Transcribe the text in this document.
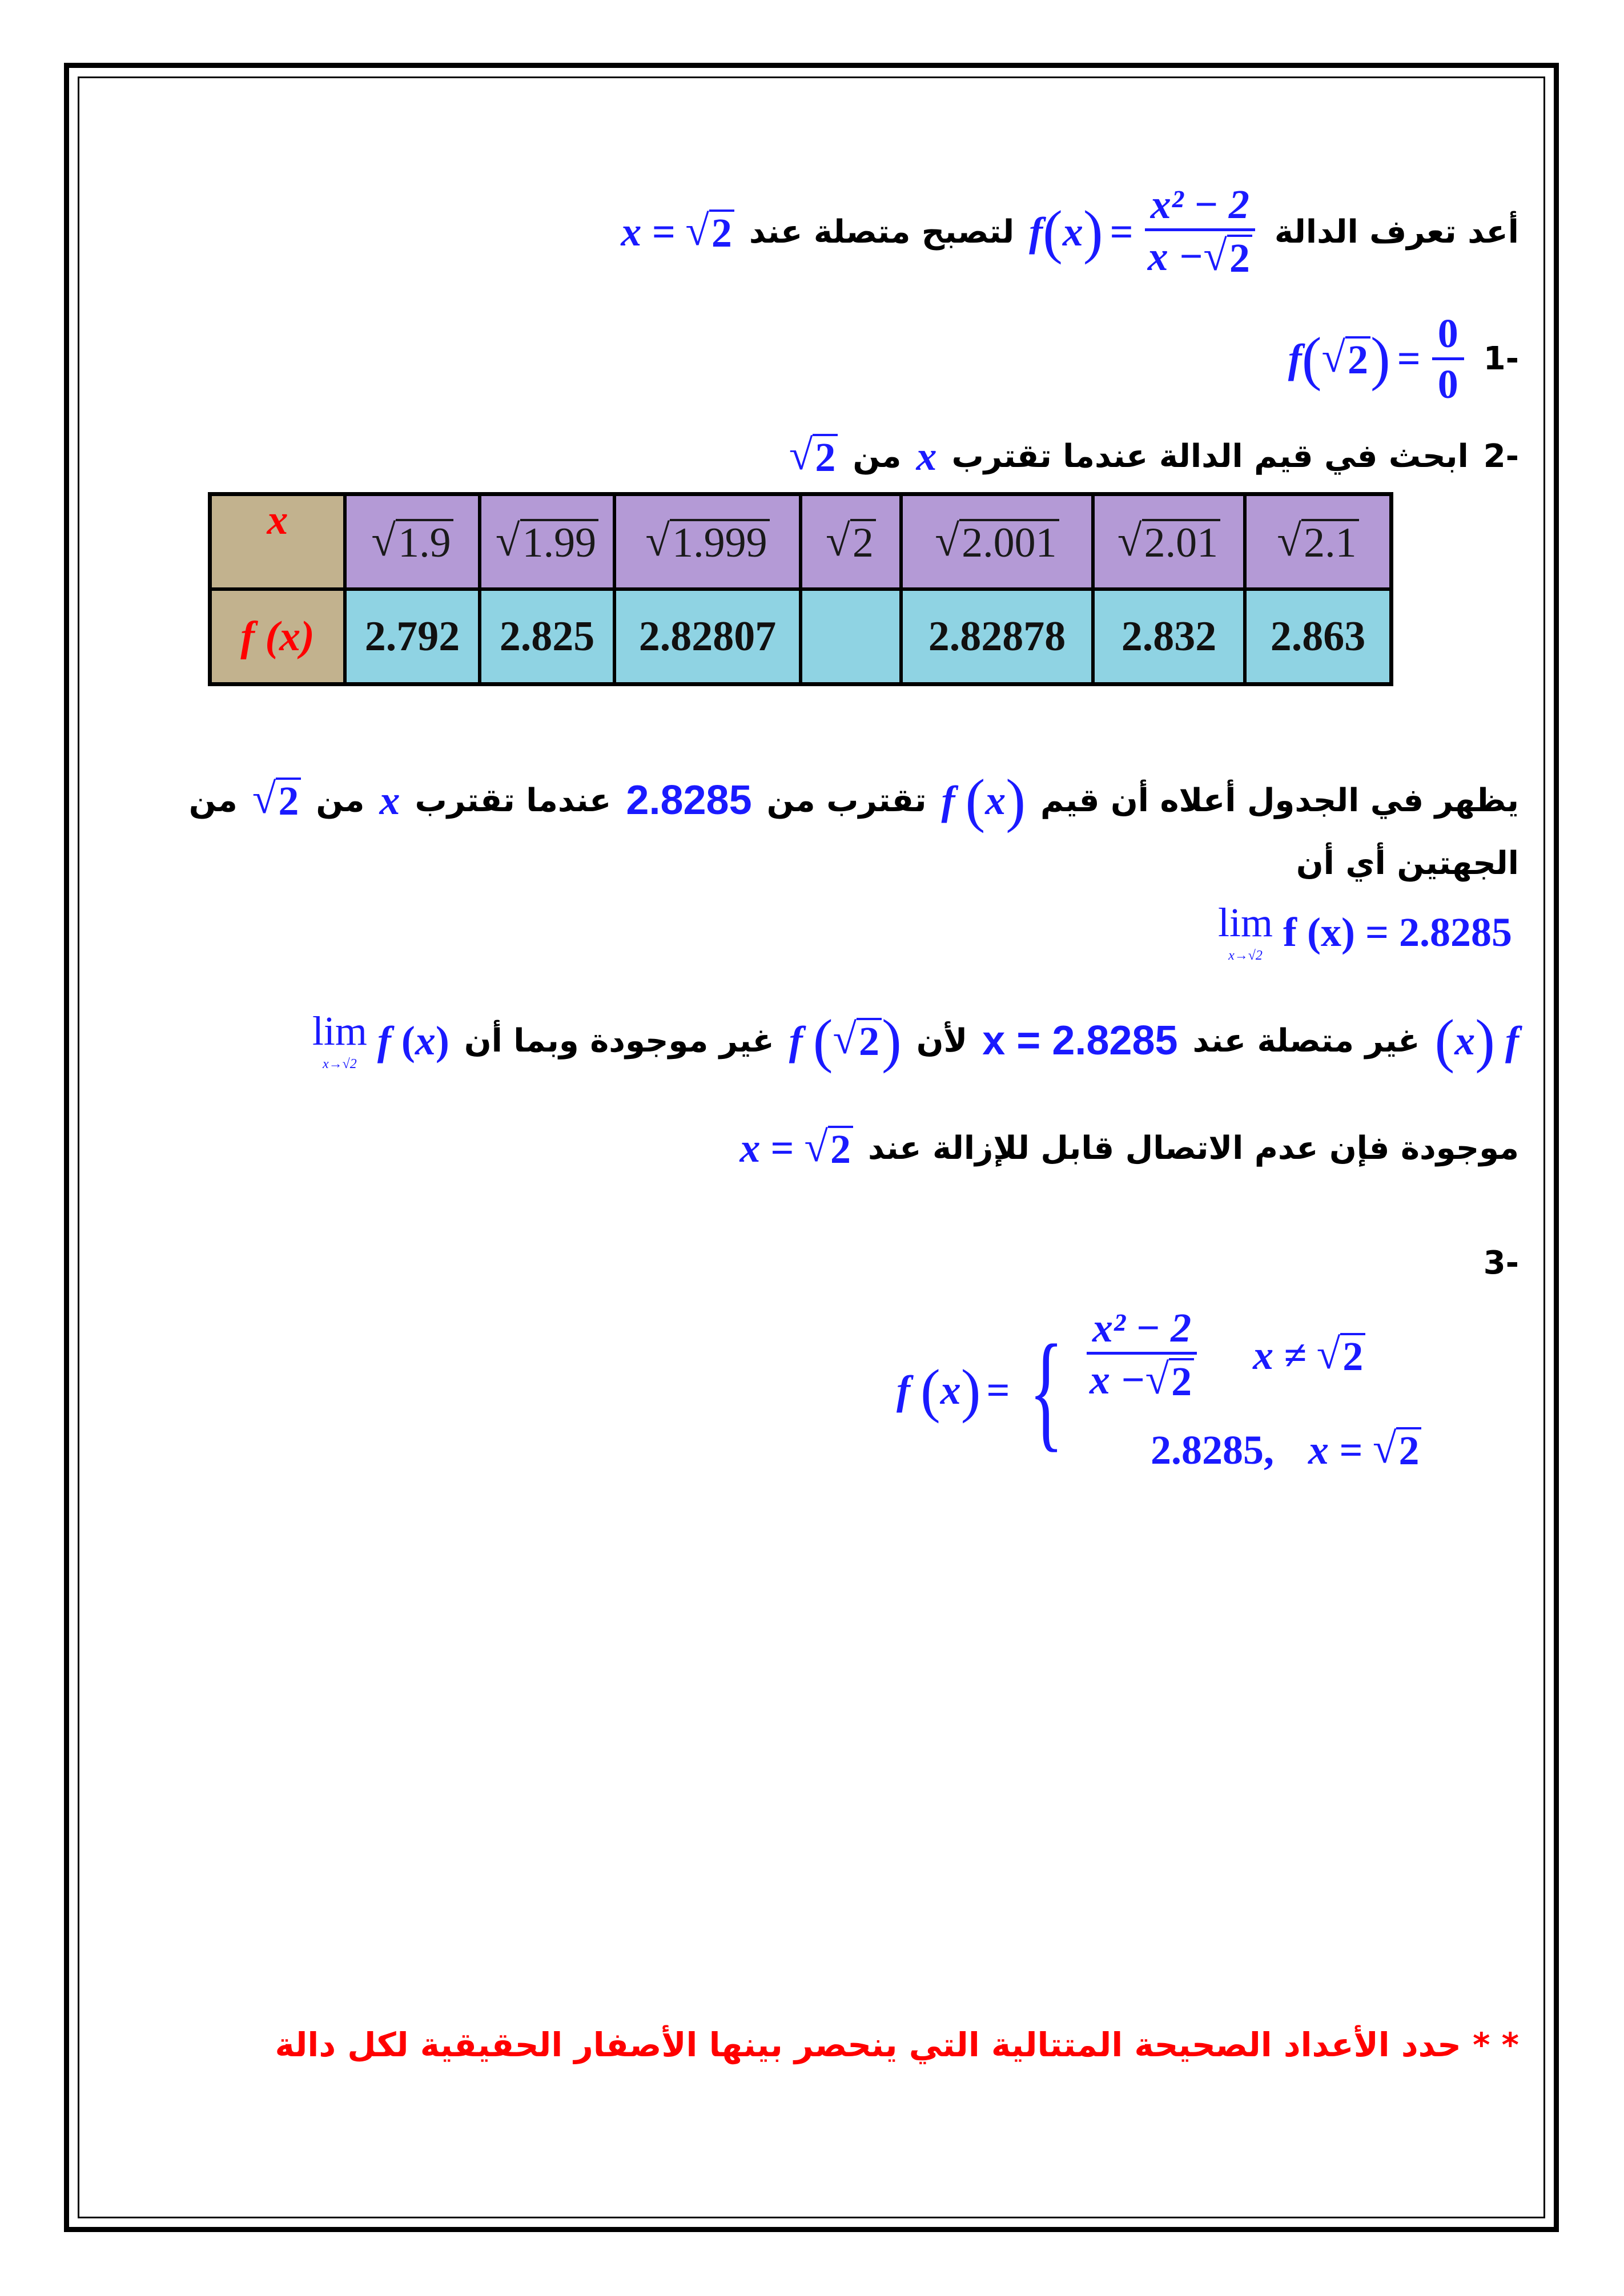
أعد تعرف الدالة
f ( x ) = $\frac{\text{x² − 2}}{x - √ 2}$
لتصبح متصلة عند
x =
√ 2
-1
f ( √ 2 ) = $\frac{0}{0}$
-2
ابحث في قيم الدالة عندما تقترب
x
من
√ 2
x	√ 1.9	√ 1.99	√ 1.999	√ 2	√ 2.001	√ 2.01	√ 2.1

f (x)	2.792	2.825	2.82807		2.82878	2.832	2.863
يظهر في الجدول أعلاه أن قيم
f
( x )
تقترب من
2.8285
عندما تقترب
x
من
√ 2
من
الجهتين أي أن
lim
x→√2

f (x) = 2.8285
( x )
f
غير متصلة عند
x = 2.8285
لأن
f
( √ 2 )
غير موجودة وبما أن
lim
x→√2

f
( x )
موجودة فإن عدم الاتصال قابل للإزالة عند
x = √ 2
-3
f
( x ) = { $\frac{\text{x² − 2}}{x - √ 2}$ x ≠
√ 2
2.8285, x =
√ 2
* * حدد الأعداد الصحيحة المتتالية التي ينحصر بينها الأصفار الحقيقية لكل دالة
